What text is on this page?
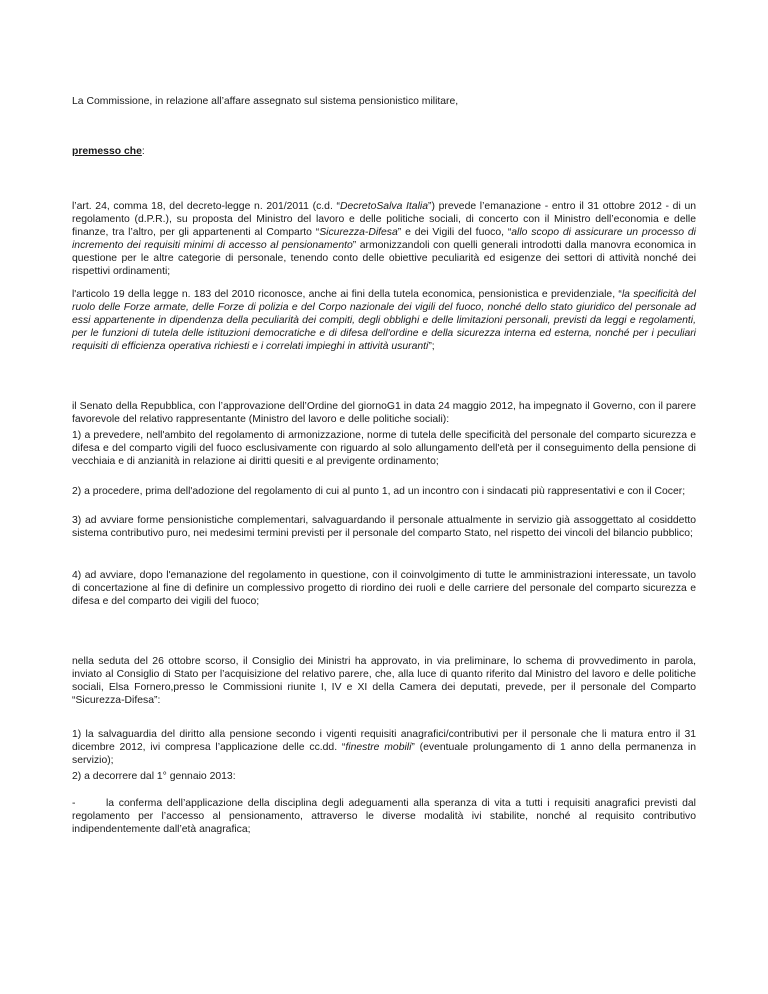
La Commissione, in relazione all’affare assegnato sul sistema pensionistico militare,

premesso che:

l’art. 24, comma 18, del decreto-legge n. 201/2011 (c.d. “DecretoSalva Italia”) prevede l’emanazione - entro il 31 ottobre 2012 - di un regolamento (d.P.R.), su proposta del Ministro del lavoro e delle politiche sociali, di concerto con il Ministro dell’economia e delle finanze, tra l’altro, per gli appartenenti al Comparto “Sicurezza-Difesa” e dei Vigili del fuoco, “allo scopo di assicurare un processo di incremento dei requisiti minimi di accesso al pensionamento” armonizzandoli con quelli generali introdotti dalla manovra economica in questione per le altre categorie di personale, tenendo conto delle obiettive peculiarità ed esigenze dei settori di attività nonché dei rispettivi ordinamenti;

l'articolo 19 della legge n. 183 del 2010 riconosce, anche ai fini della tutela economica, pensionistica e previdenziale, “la specificità del ruolo delle Forze armate, delle Forze di polizia e del Corpo nazionale dei vigili del fuoco, nonché dello stato giuridico del personale ad essi appartenente in dipendenza della peculiarità dei compiti, degli obblighi e delle limitazioni personali, previsti da leggi e regolamenti, per le funzioni di tutela delle istituzioni democratiche e di difesa dell'ordine e della sicurezza interna ed esterna, nonché per i peculiari requisiti di efficienza operativa richiesti e i correlati impieghi in attività usuranti”;

il Senato della Repubblica, con l’approvazione dell’Ordine del giornoG1 in data 24 maggio 2012, ha impegnato il Governo, con il parere favorevole del relativo rappresentante (Ministro del lavoro e delle politiche sociali):

1) a prevedere, nell'ambito del regolamento di armonizzazione, norme di tutela delle specificità del personale del comparto sicurezza e difesa e del comparto vigili del fuoco esclusivamente con riguardo al solo allungamento dell'età per il conseguimento della pensione di vecchiaia e di anzianità in relazione ai diritti quesiti e al previgente ordinamento;

2) a procedere, prima dell'adozione del regolamento di cui al punto 1, ad un incontro con i sindacati più rappresentativi e con il Cocer;

3) ad avviare forme pensionistiche complementari, salvaguardando il personale attualmente in servizio già assoggettato al cosiddetto sistema contributivo puro, nei medesimi termini previsti per il personale del comparto Stato, nel rispetto dei vincoli del bilancio pubblico;

4) ad avviare, dopo l'emanazione del regolamento in questione, con il coinvolgimento di tutte le amministrazioni interessate, un tavolo di concertazione al fine di definire un complessivo progetto di riordino dei ruoli e delle carriere del personale del comparto sicurezza e difesa e del comparto dei vigili del fuoco;

nella seduta del 26 ottobre scorso, il Consiglio dei Ministri ha approvato, in via preliminare, lo schema di provvedimento in parola, inviato al Consiglio di Stato per l’acquisizione del relativo parere, che, alla luce di quanto riferito dal Ministro del lavoro e delle politiche sociali, Elsa Fornero,presso le Commissioni riunite I, IV e XI della Camera dei deputati, prevede, per il personale del Comparto “Sicurezza-Difesa”:

1) la salvaguardia del diritto alla pensione secondo i vigenti requisiti anagrafici/contributivi per il personale che li matura entro il 31 dicembre 2012, ivi compresa l’applicazione delle cc.dd. “finestre mobili” (eventuale prolungamento di 1 anno della permanenza in servizio);

2) a decorrere dal 1° gennaio 2013:

-	la conferma dell’applicazione della disciplina degli adeguamenti alla speranza di vita a tutti i requisiti anagrafici previsti dal regolamento per l’accesso al pensionamento, attraverso le diverse modalità ivi stabilite, nonché al requisito contributivo indipendentemente dall’età anagrafica;
